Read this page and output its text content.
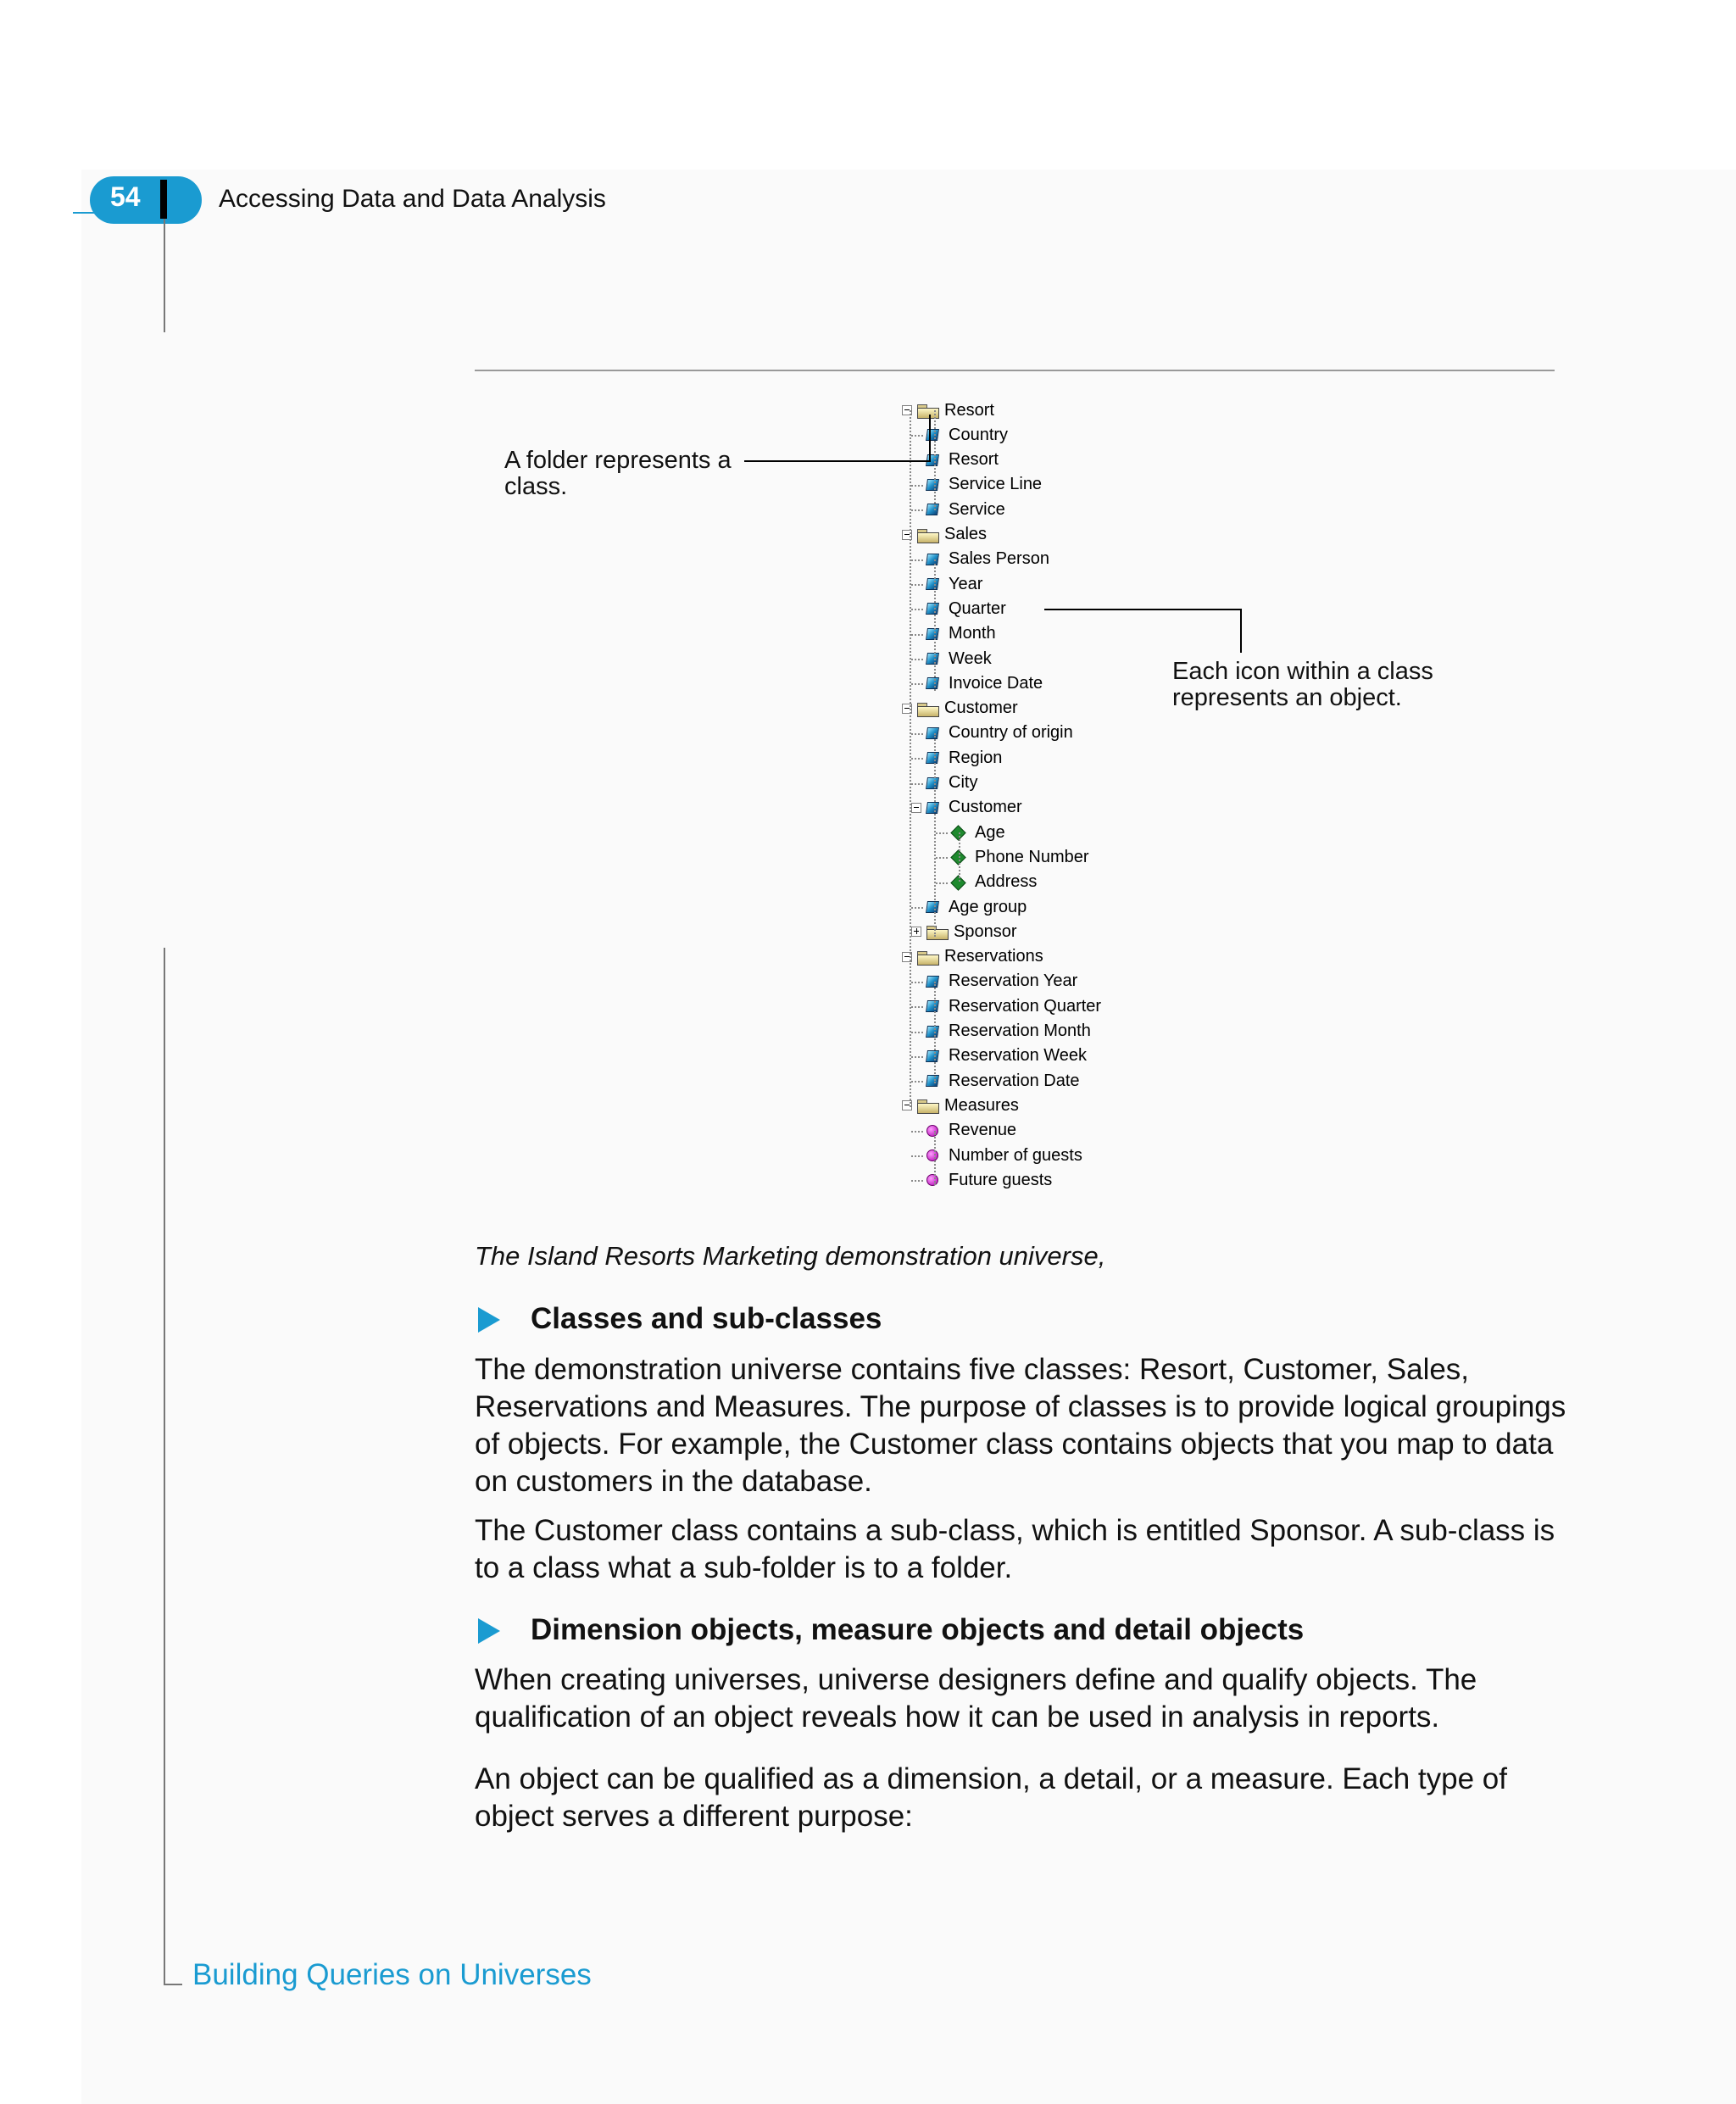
54	Accessing Data and Data Analysis
Building Queries on Universes
Resort
Country
Resort
Service Line
Service
Sales
Sales Person
Year
Quarter
Month
Week
Invoice Date
Customer
Country of origin
Region
City
Customer
Age
Phone Number
Address
Age group
Sponsor
Reservations
Reservation Year
Reservation Quarter
Reservation Month
Reservation Week
Reservation Date
Measures
Revenue
Number of guests
Future guests
A folder represents a
class.
Each icon within a class
represents an object.
The Island Resorts Marketing demonstration universe,
Classes and sub-classes

The demonstration universe contains five classes: Resort, Customer, Sales, Reservations and Measures. The purpose of classes is to provide logical groupings of objects. For example, the Customer class contains objects that you map to data on customers in the database.

The Customer class contains a sub-class, which is entitled Sponsor. A sub-class is to a class what a sub-folder is to a folder.

Dimension objects, measure objects and detail objects

When creating universes, universe designers define and qualify objects. The qualification of an object reveals how it can be used in analysis in reports.

An object can be qualified as a dimension, a detail, or a measure. Each type of object serves a different purpose:
